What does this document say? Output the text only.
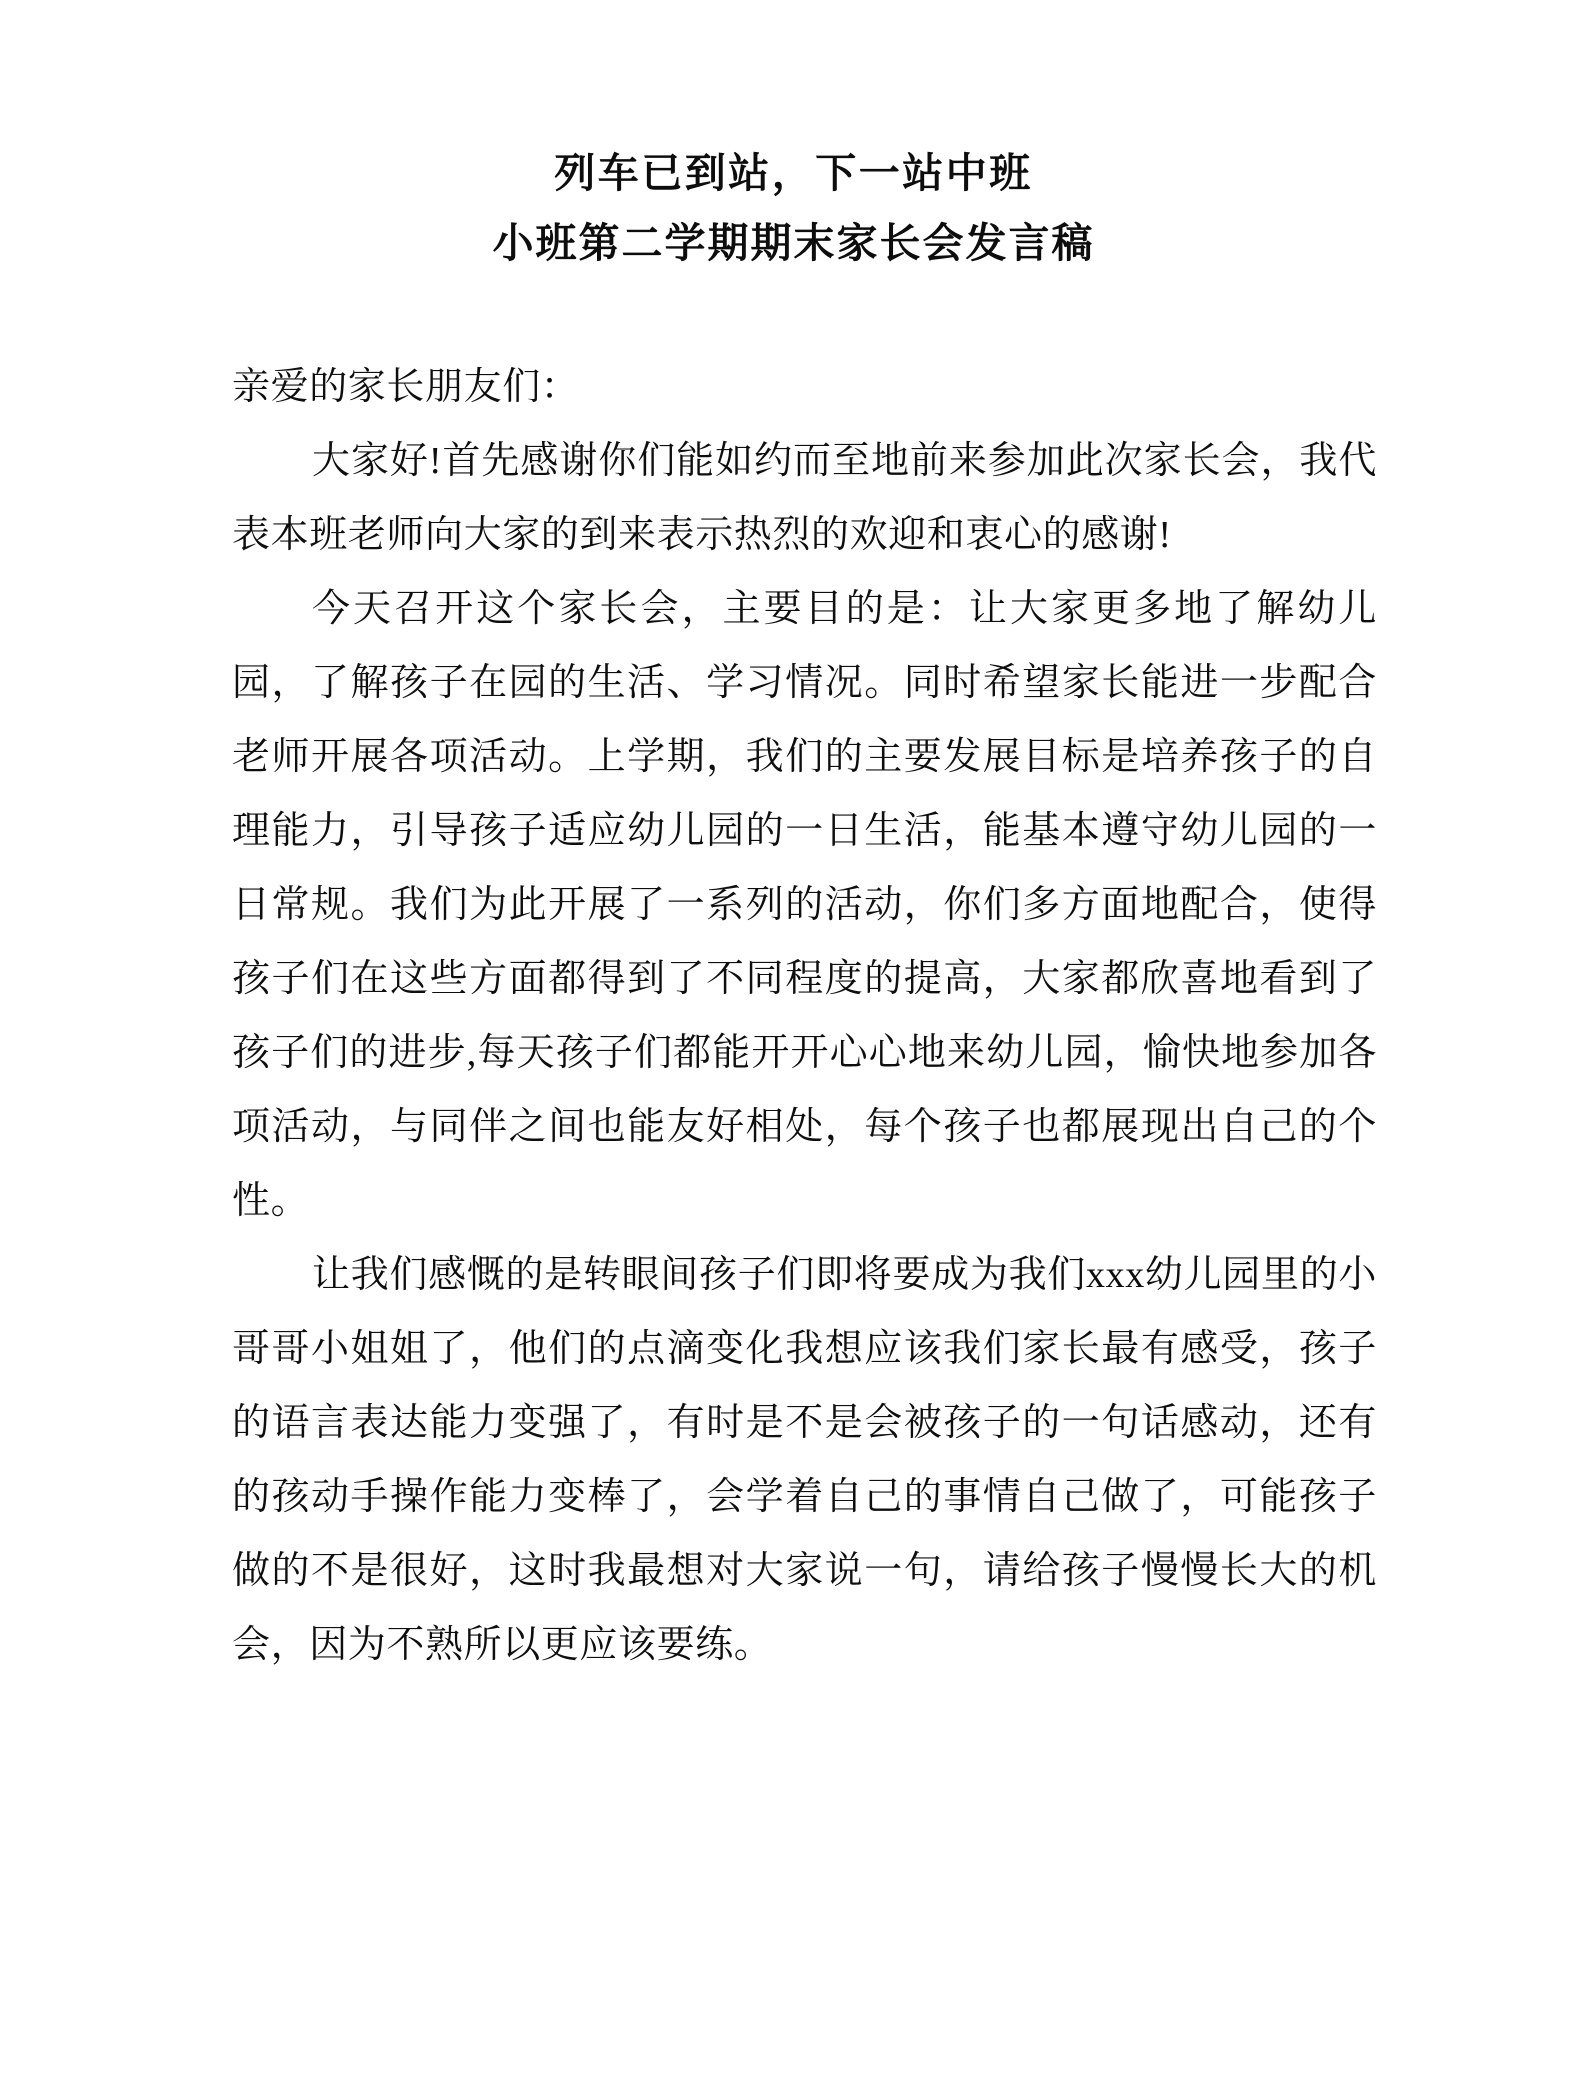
列车已到站，下一站中班
小班第二学期期末家长会发言稿

亲爱的家长朋友们：

大家好!首先感谢你们能如约而至地前来参加此次家长会，我代表本班老师向大家的到来表示热烈的欢迎和衷心的感谢!

今天召开这个家长会，主要目的是：让大家更多地了解幼儿园，了解孩子在园的生活、学习情况。同时希望家长能进一步配合老师开展各项活动。上学期，我们的主要发展目标是培养孩子的自理能力，引导孩子适应幼儿园的一日生活，能基本遵守幼儿园的一日常规。我们为此开展了一系列的活动，你们多方面地配合，使得孩子们在这些方面都得到了不同程度的提高，大家都欣喜地看到了孩子们的进步,每天孩子们都能开开心心地来幼儿园，愉快地参加各项活动，与同伴之间也能友好相处，每个孩子也都展现出自己的个性。

让我们感慨的是转眼间孩子们即将要成为我们xxx幼儿园里的小哥哥小姐姐了，他们的点滴变化我想应该我们家长最有感受，孩子的语言表达能力变强了，有时是不是会被孩子的一句话感动，还有的孩动手操作能力变棒了，会学着自己的事情自己做了，可能孩子做的不是很好，这时我最想对大家说一句，请给孩子慢慢长大的机会，因为不熟所以更应该要练。
